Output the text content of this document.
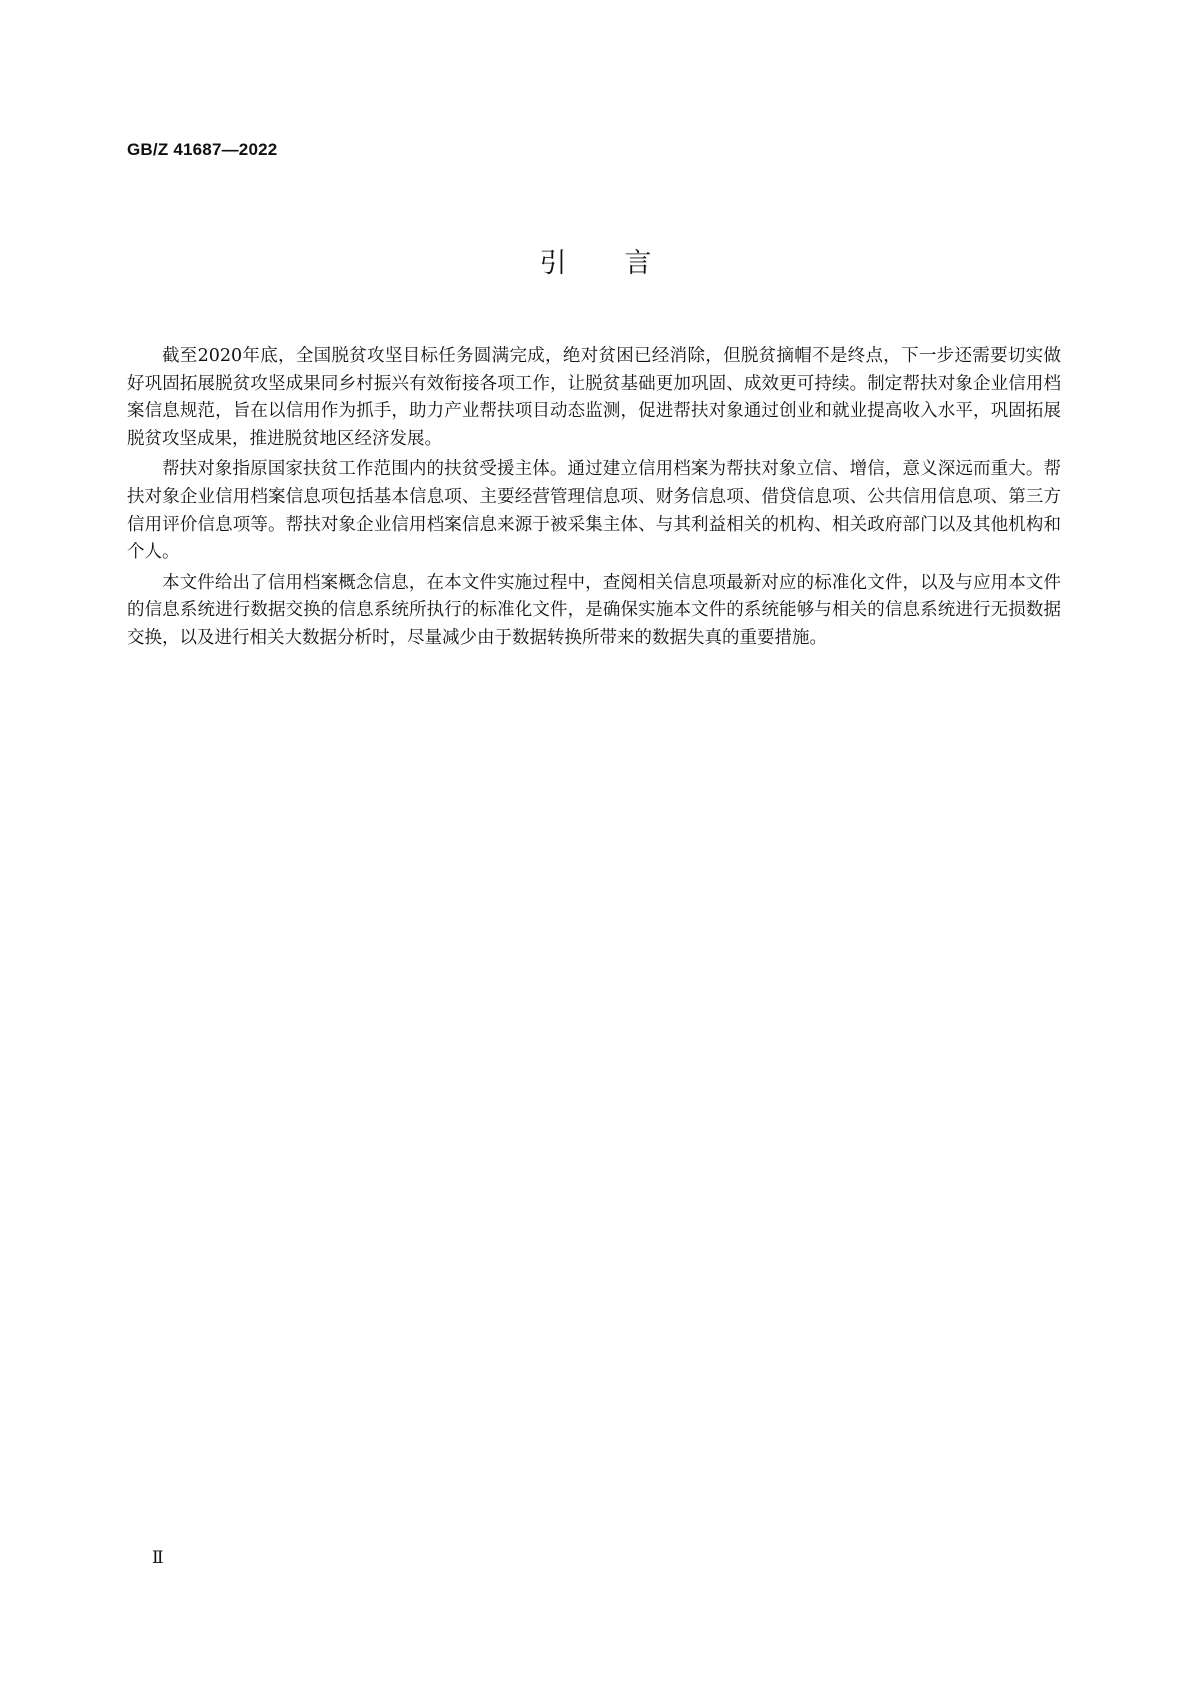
GB/Z 41687—2022
引言

截至2020年底，全国脱贫攻坚目标任务圆满完成，绝对贫困已经消除，但脱贫摘帽不是终点，下一步还需要切实做好巩固拓展脱贫攻坚成果同乡村振兴有效衔接各项工作，让脱贫基础更加巩固、成效更可持续。制定帮扶对象企业信用档案信息规范，旨在以信用作为抓手，助力产业帮扶项目动态监测，促进帮扶对象通过创业和就业提高收入水平，巩固拓展脱贫攻坚成果，推进脱贫地区经济发展。

帮扶对象指原国家扶贫工作范围内的扶贫受援主体。通过建立信用档案为帮扶对象立信、增信，意义深远而重大。帮扶对象企业信用档案信息项包括基本信息项、主要经营管理信息项、财务信息项、借贷信息项、公共信用信息项、第三方信用评价信息项等。帮扶对象企业信用档案信息来源于被采集主体、与其利益相关的机构、相关政府部门以及其他机构和个人。

本文件给出了信用档案概念信息，在本文件实施过程中，查阅相关信息项最新对应的标准化文件，以及与应用本文件的信息系统进行数据交换的信息系统所执行的标准化文件，是确保实施本文件的系统能够与相关的信息系统进行无损数据交换，以及进行相关大数据分析时，尽量减少由于数据转换所带来的数据失真的重要措施。

Ⅱ
